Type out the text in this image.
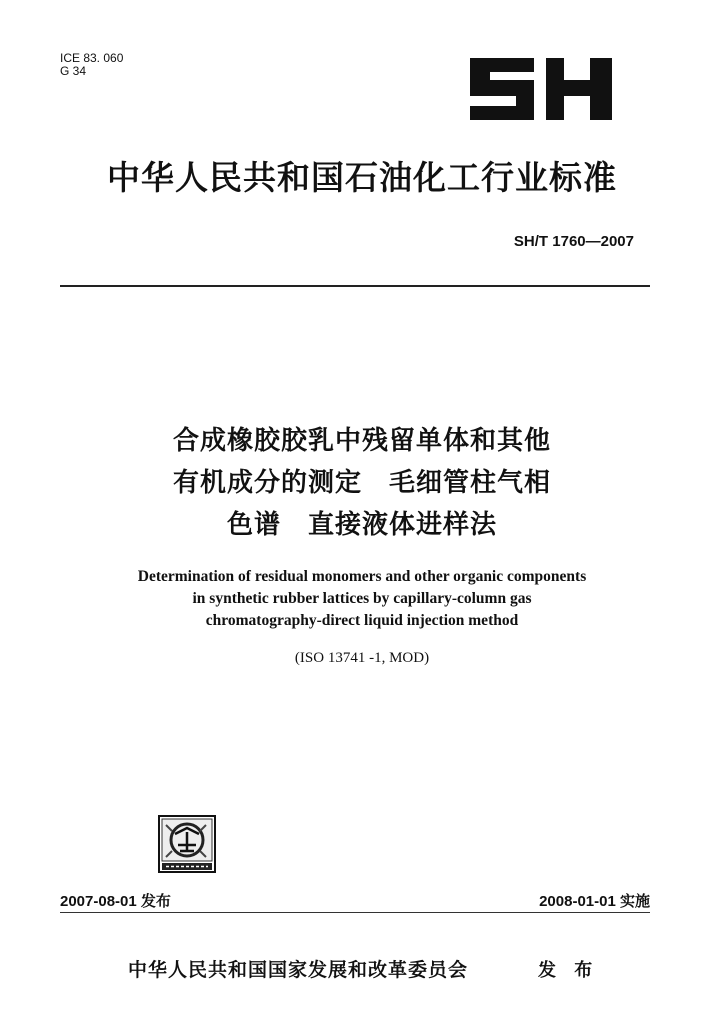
ICE 83. 060
G 34
中华人民共和国石油化工行业标准
SH/T 1760—2007
合成橡胶胶乳中残留单体和其他
有机成分的测定　毛细管柱气相
色谱　直接液体进样法
Determination of residual monomers and other organic components
in synthetic rubber lattices by capillary-column gas
chromatography-direct liquid injection method
(ISO 13741 -1, MOD)
2007-08-01 发布	2008-01-01 实施
中华人民共和国国家发展和改革委员会	发 布
